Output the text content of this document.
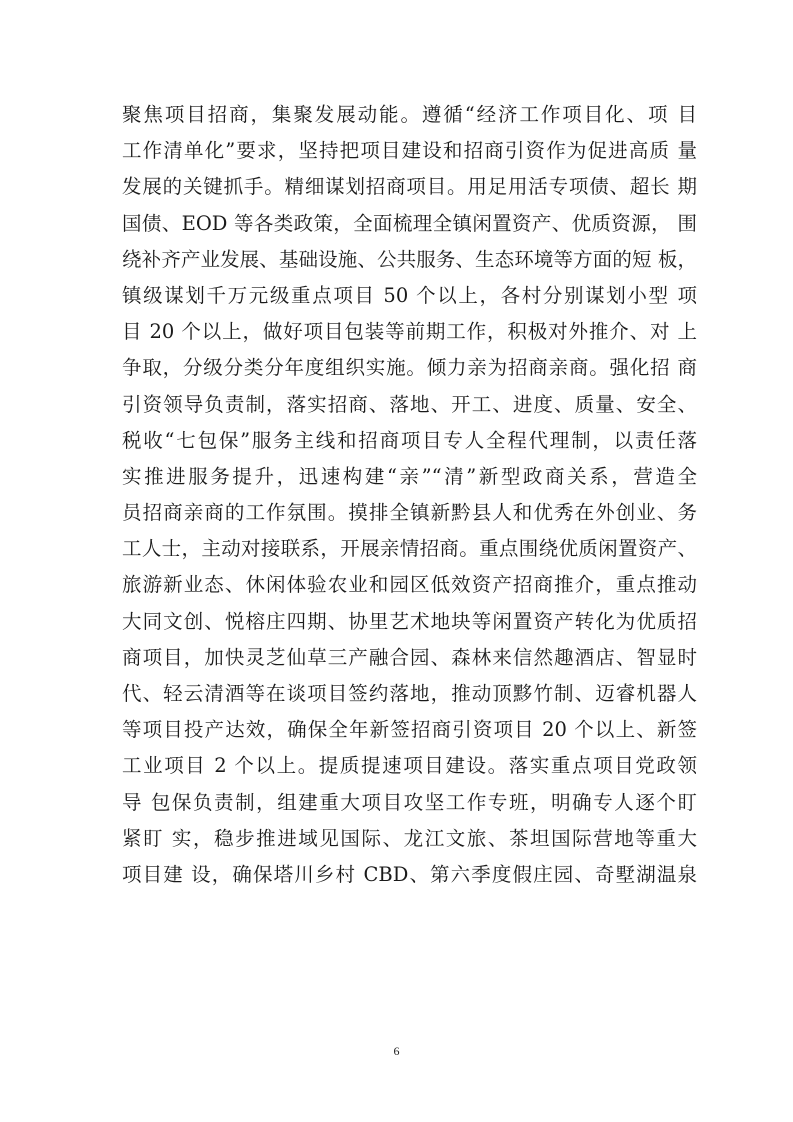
聚焦项目招商，集聚发展动能。遵循“经济工作项目化、项 目
工作清单化”要求，坚持把项目建设和招商引资作为促进高质 量
发展的关键抓手。精细谋划招商项目。用足用活专项债、超长 期
国债、EOD 等各类政策，全面梳理全镇闲置资产、优质资源， 围
绕补齐产业发展、基础设施、公共服务、生态环境等方面的短 板，
镇级谋划千万元级重点项目 50 个以上，各村分别谋划小型 项
目 20 个以上，做好项目包装等前期工作，积极对外推介、对 上
争取，分级分类分年度组织实施。倾力亲为招商亲商。强化招 商
引资领导负责制，落实招商、落地、开工、进度、质量、安全、
税收“七包保”服务主线和招商项目专人全程代理制，以责任落
实推进服务提升，迅速构建“亲”“清”新型政商关系，营造全
员招商亲商的工作氛围。摸排全镇新黔县人和优秀在外创业、务
工人士，主动对接联系，开展亲情招商。重点围绕优质闲置资产、
旅游新业态、休闲体验农业和园区低效资产招商推介，重点推动
大同文创、悦榕庄四期、协里艺术地块等闲置资产转化为优质招
商项目，加快灵芝仙草三产融合园、森林来信然趣酒店、智显时
代、轻云清酒等在谈项目签约落地，推动顶黟竹制、迈睿机器人
等项目投产达效，确保全年新签招商引资项目 20 个以上、新签
工业项目 2 个以上。提质提速项目建设。落实重点项目党政领
导 包保负责制，组建重大项目攻坚工作专班，明确专人逐个盯
紧盯 实，稳步推进域见国际、龙江文旅、茶坦国际营地等重大
项目建 设，确保塔川乡村 CBD、第六季度假庄园、奇墅湖温泉
6
